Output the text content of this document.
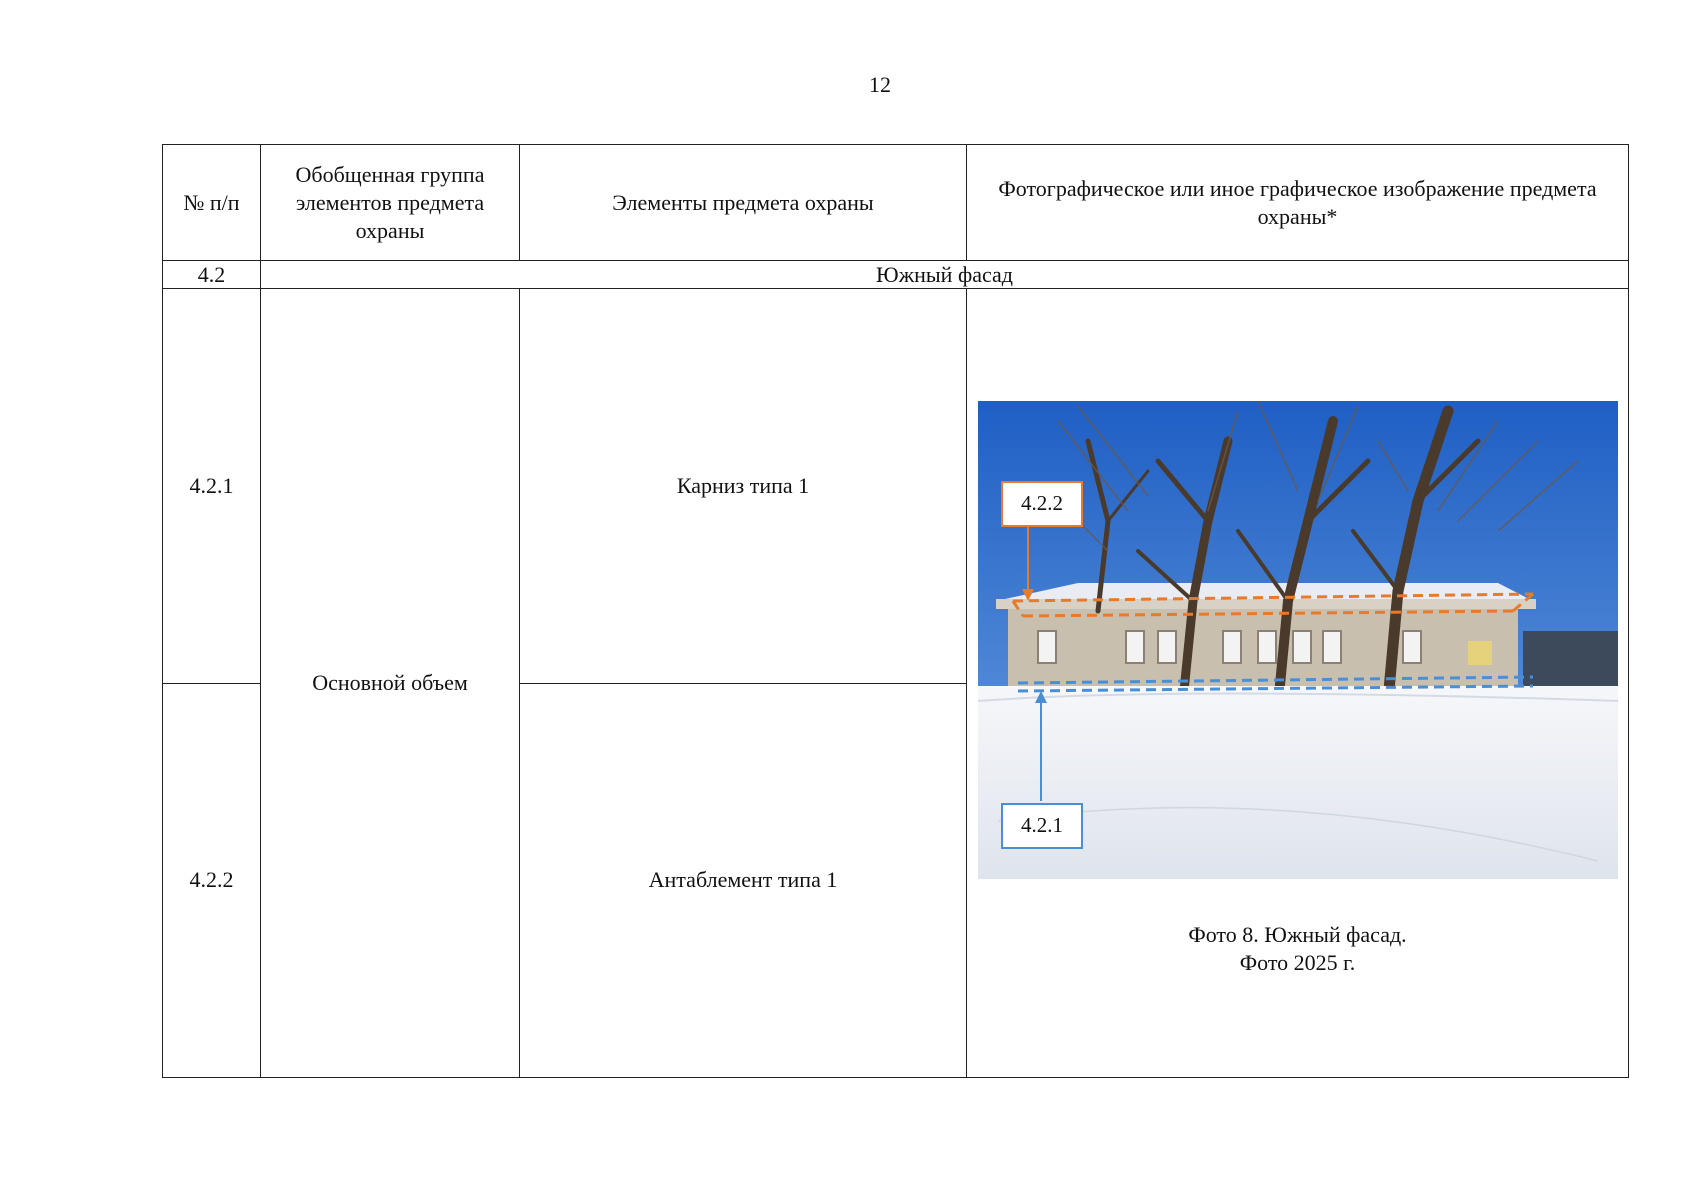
12
№ п/п	Обобщенная группа элементов предмета охраны	Элементы предмета охраны	Фотографическое или иное графическое изображение предмета охраны*
4.2	Южный фасад		
4.2.1	Основной объем	Карниз типа 1	4.2.2
4.2.1
Фото 8. Южный фасад.
Фото 2025 г.

4.2.2		Антаблемент типа 1	
